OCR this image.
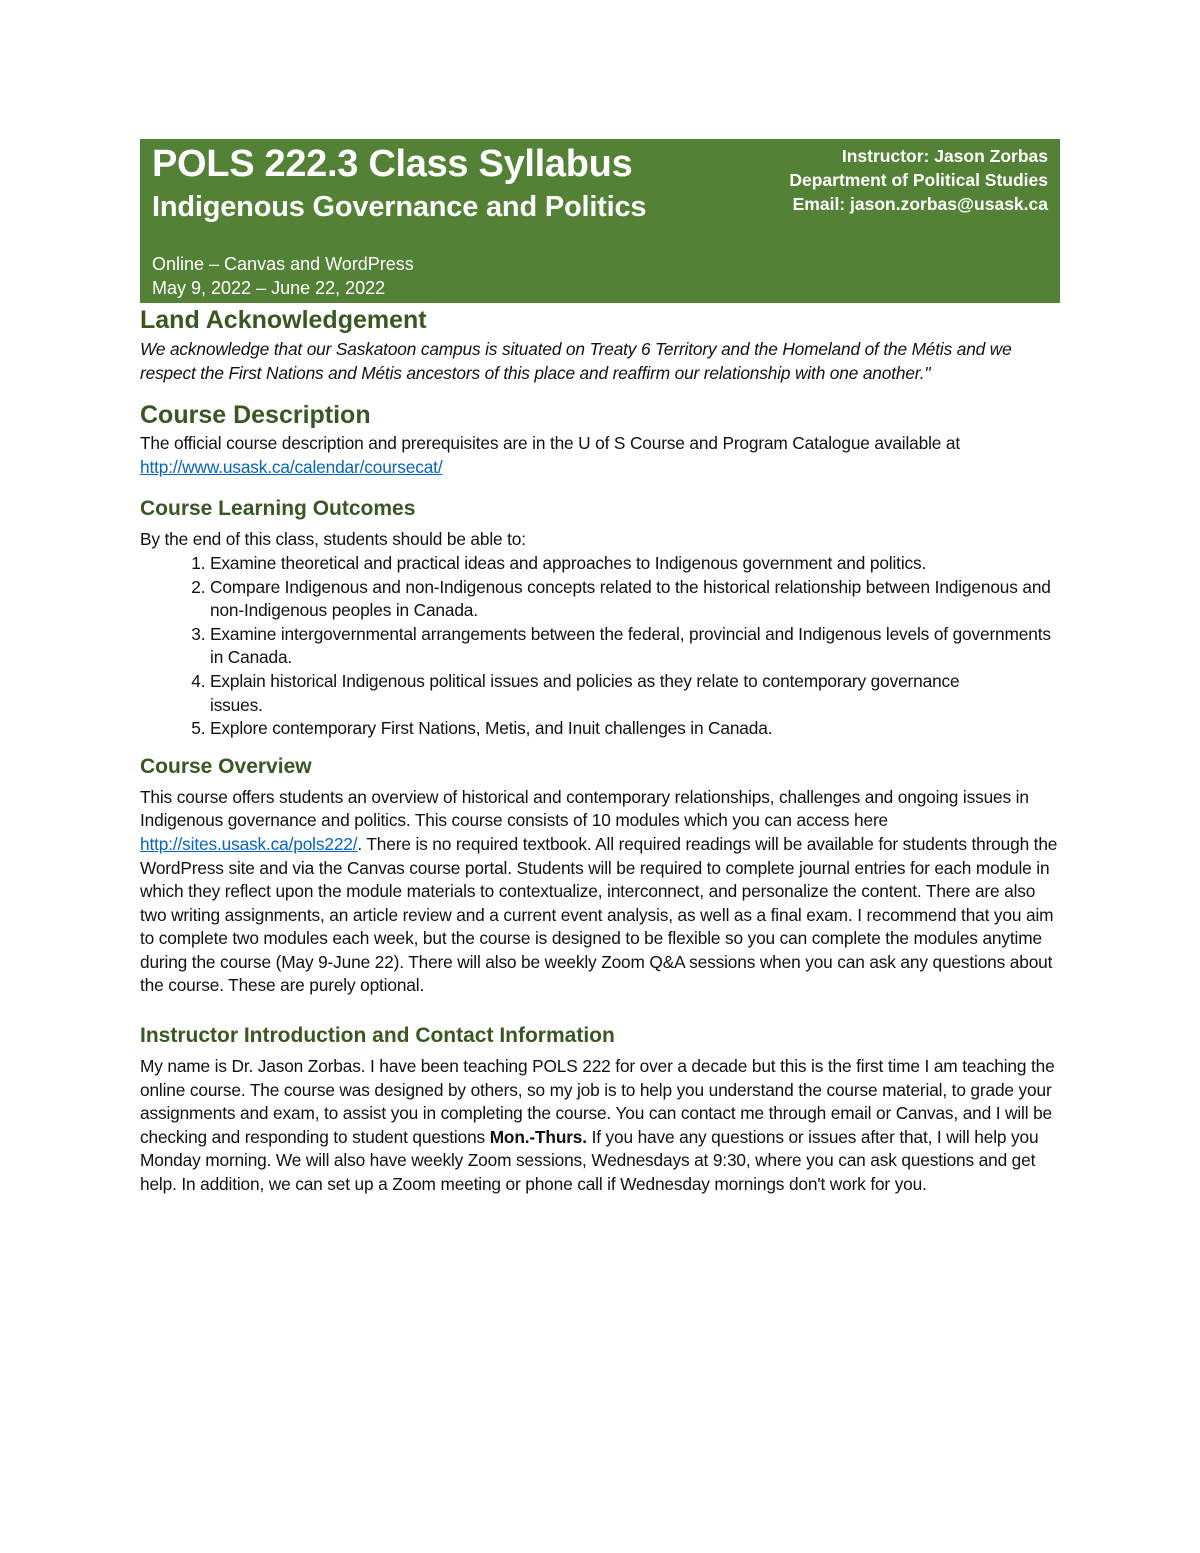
POLS 222.3 Class Syllabus
Indigenous Governance and Politics
Online – Canvas and WordPress
May 9, 2022 – June 22, 2022
Instructor: Jason Zorbas
Department of Political Studies
Email: jason.zorbas@usask.ca
Land Acknowledgement

We acknowledge that our Saskatoon campus is situated on Treaty 6 Territory and the Homeland of the Métis and we respect the First Nations and Métis ancestors of this place and reaffirm our relationship with one another."

Course Description

The official course description and prerequisites are in the U of S Course and Program Catalogue available at http://www.usask.ca/calendar/coursecat/

Course Learning Outcomes

By the end of this class, students should be able to:

1. Examine theoretical and practical ideas and approaches to Indigenous government and politics.
2. Compare Indigenous and non-Indigenous concepts related to the historical relationship between Indigenous and non-Indigenous peoples in Canada.
3. Examine intergovernmental arrangements between the federal, provincial and Indigenous levels of governments in Canada.
4. Explain historical Indigenous political issues and policies as they relate to contemporary governance issues.
5. Explore contemporary First Nations, Metis, and Inuit challenges in Canada.
Course Overview

This course offers students an overview of historical and contemporary relationships, challenges and ongoing issues in Indigenous governance and politics. This course consists of 10 modules which you can access here http://sites.usask.ca/pols222/. There is no required textbook. All required readings will be available for students through the WordPress site and via the Canvas course portal. Students will be required to complete journal entries for each module in which they reflect upon the module materials to contextualize, interconnect, and personalize the content. There are also two writing assignments, an article review and a current event analysis, as well as a final exam. I recommend that you aim to complete two modules each week, but the course is designed to be flexible so you can complete the modules anytime during the course (May 9-June 22). There will also be weekly Zoom Q&A sessions when you can ask any questions about the course. These are purely optional.

Instructor Introduction and Contact Information

My name is Dr. Jason Zorbas. I have been teaching POLS 222 for over a decade but this is the first time I am teaching the online course. The course was designed by others, so my job is to help you understand the course material, to grade your assignments and exam, to assist you in completing the course. You can contact me through email or Canvas, and I will be checking and responding to student questions Mon.-Thurs. If you have any questions or issues after that, I will help you Monday morning. We will also have weekly Zoom sessions, Wednesdays at 9:30, where you can ask questions and get help. In addition, we can set up a Zoom meeting or phone call if Wednesday mornings don't work for you.
